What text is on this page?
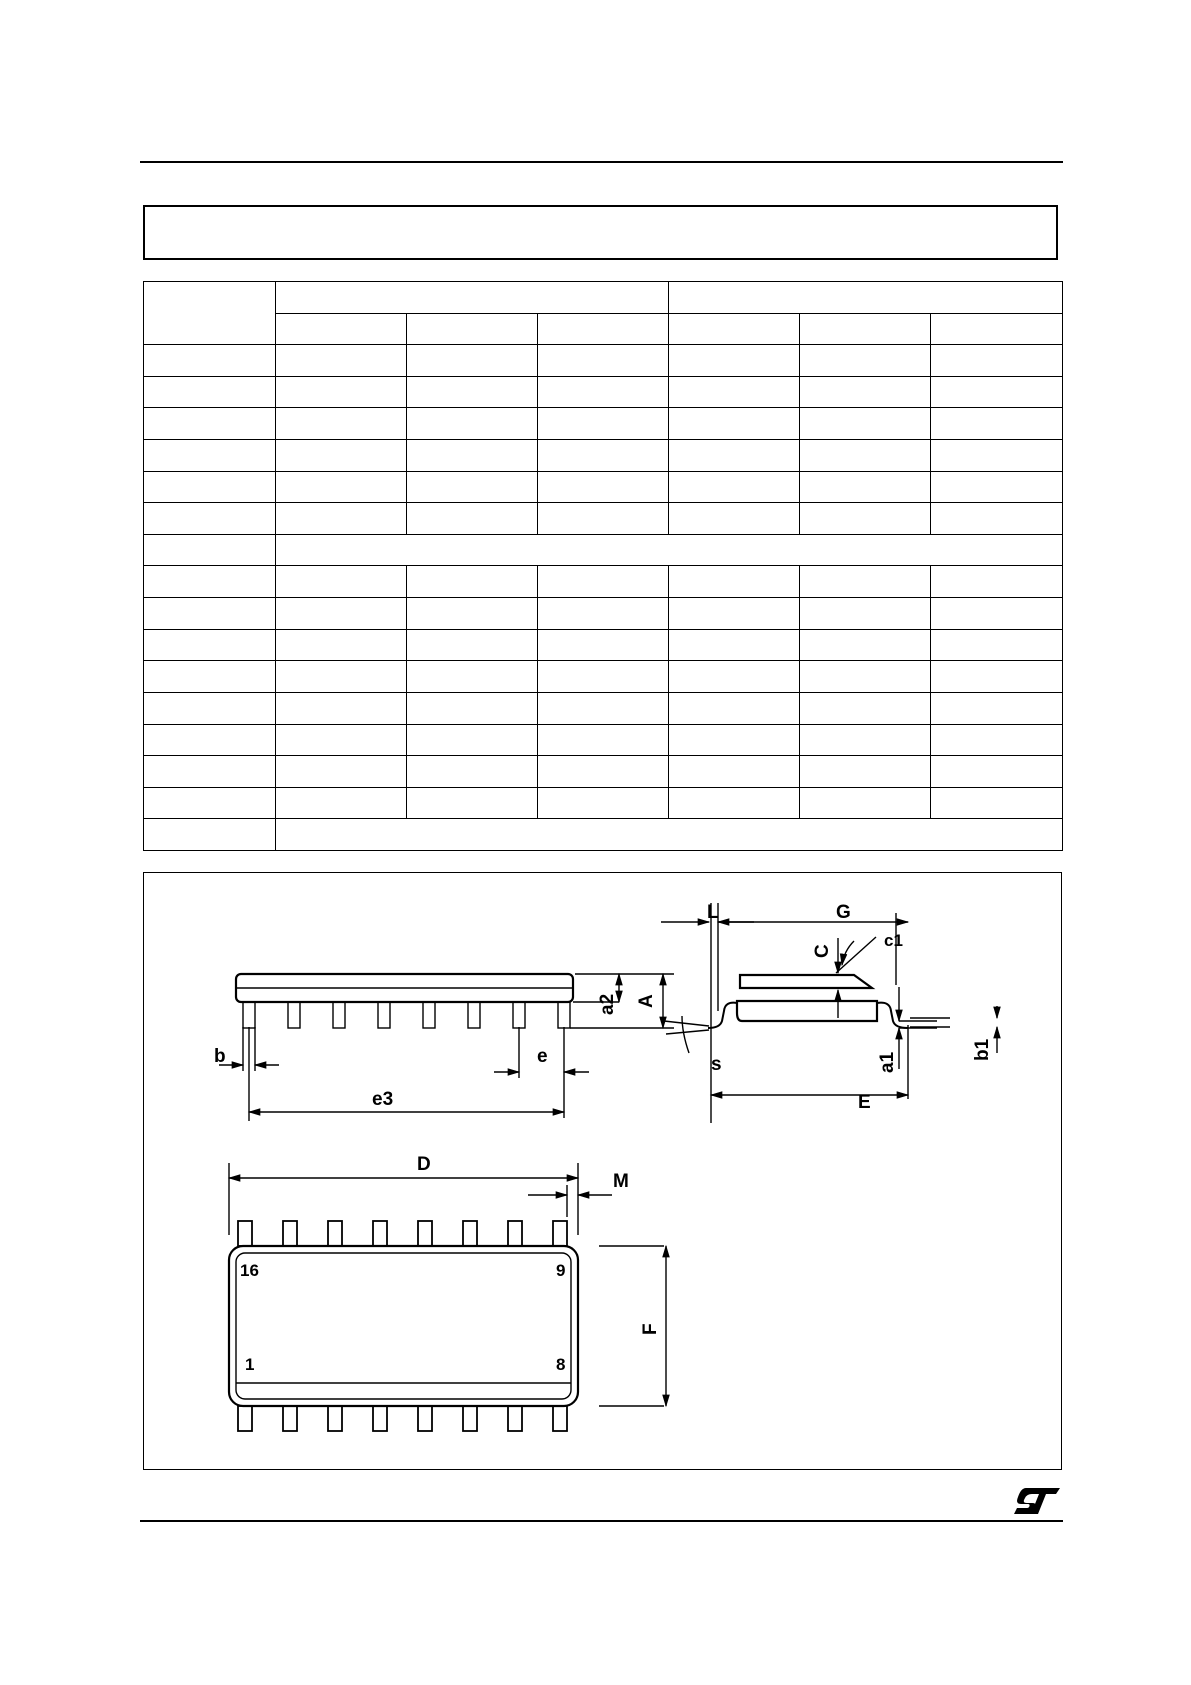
a2 A
b	e
e3
L	G
C
c1
s	a1
b1
E
D
M
F
16	9
1	8
